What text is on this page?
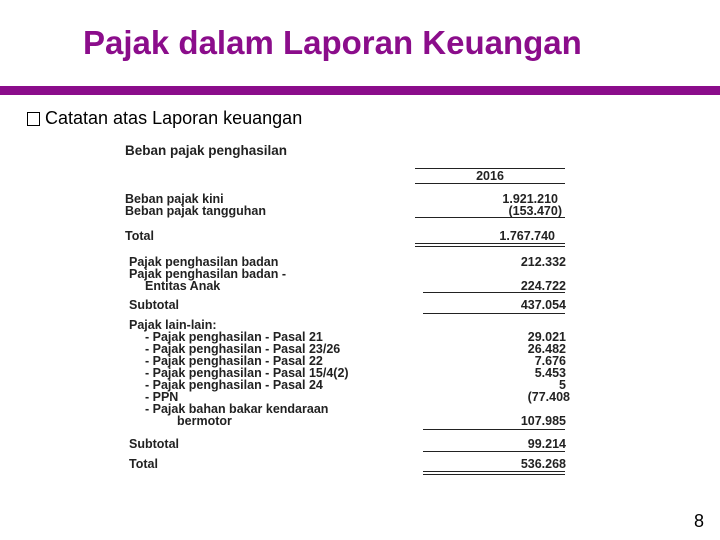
Pajak dalam Laporan Keuangan
Catatan atas Laporan keuangan
Beban pajak penghasilan
2016
Beban pajak kini	1.921.210
Beban pajak tangguhan	(153.470)
Total	1.767.740
Pajak penghasilan badan	212.332
Pajak penghasilan badan -
Entitas Anak	224.722
Subtotal	437.054
Pajak lain-lain:
- Pajak penghasilan - Pasal 21	29.021
- Pajak penghasilan - Pasal 23/26	26.482
- Pajak penghasilan - Pasal 22	7.676
- Pajak penghasilan - Pasal 15/4(2)	5.453
- Pajak penghasilan - Pasal 24	5
- PPN	(77.408
- Pajak bahan bakar kendaraan
bermotor	107.985
Subtotal	99.214
Total	536.268
8
